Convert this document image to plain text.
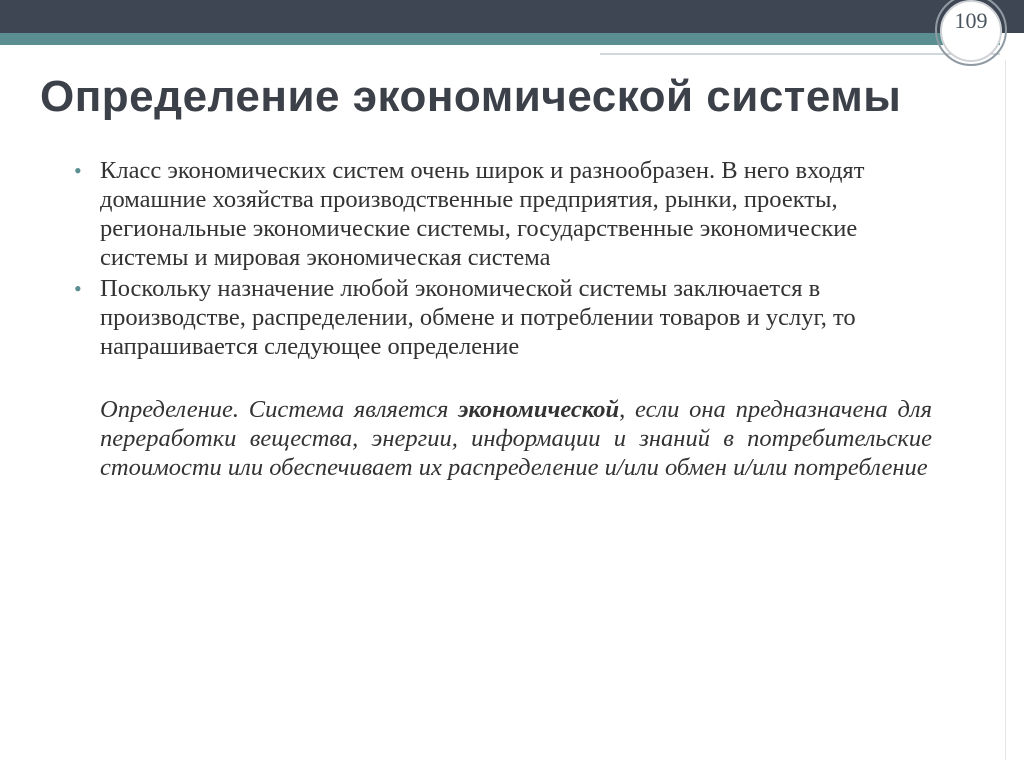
109
Определение экономической системы
• Класс экономических систем очень широк и разнообразен. В него входят домашние хозяйства производственные предприятия, рынки, проекты, региональные экономические системы, государственные экономические системы и мировая экономическая система
• Поскольку назначение любой экономической системы заключается в производстве, распределении, обмене и потреблении товаров и услуг, то напрашивается следующее определение

Определение. Система является экономической, если она предназначена для переработки вещества, энергии, информации и знаний в потребительские стоимости или обеспечивает их распределение и/или обмен и/или потребление
